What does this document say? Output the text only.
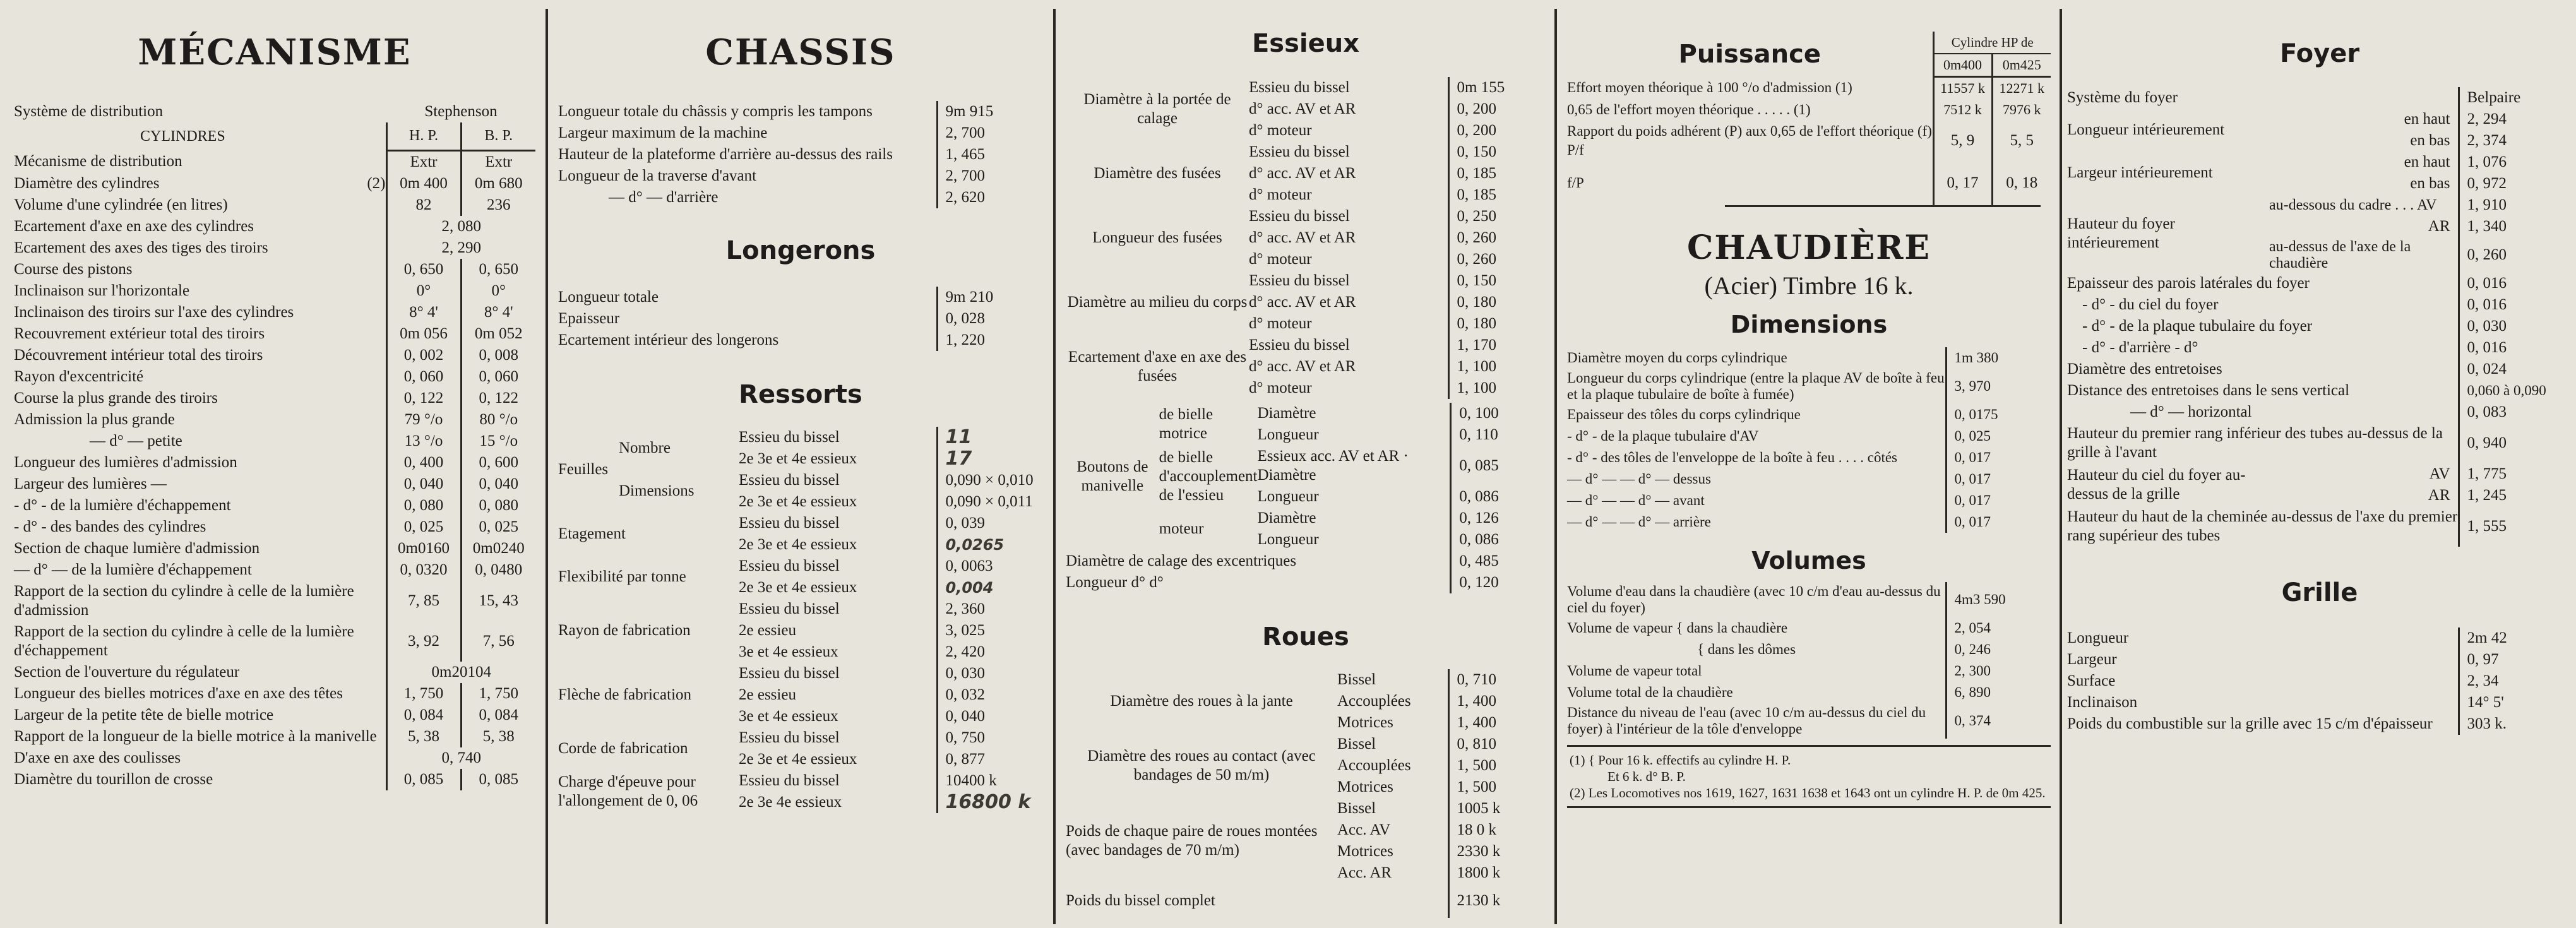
MÉCANISME
Système de distribution	Stephenson	
CYLINDRES	H. P.	B. P.
Mécanisme de distribution	Extr	Extr
Diamètre des cylindres (2)	0m 400	0m 680
Volume d'une cylindrée (en litres)	82	236
Ecartement d'axe en axe des cylindres	2, 080	
Ecartement des axes des tiges des tiroirs	2, 290	
Course des pistons	0, 650	0, 650
Inclinaison sur l'horizontale	0°	0°
Inclinaison des tiroirs sur l'axe des cylindres	8° 4'	8° 4'
Recouvrement extérieur total des tiroirs	0m 056	0m 052
Découvrement intérieur total des tiroirs	0, 002	0, 008
Rayon d'excentricité	0, 060	0, 060
Course la plus grande des tiroirs	0, 122	0, 122
Admission la plus grande	79 °/o	80 °/o
— d° — petite	13 °/o	15 °/o
Longueur des lumières d'admission	0, 400	0, 600
Largeur des lumières —	0, 040	0, 040
- d° - de la lumière d'échappement	0, 080	0, 080
- d° - des bandes des cylindres	0, 025	0, 025
Section de chaque lumière d'admission	0m0160	0m0240
— d° — de la lumière d'échappement	0, 0320	0, 0480
Rapport de la section du cylindre à celle de la lumière d'admission	7, 85	15, 43
Rapport de la section du cylindre à celle de la lumière d'échappement	3, 92	7, 56
Section de l'ouverture du régulateur	0m20104	
Longueur des bielles motrices d'axe en axe des têtes	1, 750	1, 750
Largeur de la petite tête de bielle motrice	0, 084	0, 084
Rapport de la longueur de la bielle motrice à la manivelle	5, 38	5, 38
D'axe en axe des coulisses	0, 740	
Diamètre du tourillon de crosse	0, 085	0, 085
CHASSIS
Longueur totale du châssis y compris les tampons	9m 915
Largeur maximum de la machine	2, 700
Hauteur de la plateforme d'arrière au-dessus des rails	1, 465
Longueur de la traverse d'avant	2, 700
— d° — d'arrière	2, 620
Longerons
Longueur totale	9m 210
Epaisseur	0, 028
Ecartement intérieur des longerons	1, 220
Ressorts
Feuilles	Nombre	Essieu du bissel	11
		2e 3e et 4e essieux	17
	Dimensions	Essieu du bissel	0,090 × 0,010
		2e 3e et 4e essieux	0,090 × 0,011
Etagement		Essieu du bissel	0, 039
		2e 3e et 4e essieux	0,0265
Flexibilité par tonne		Essieu du bissel	0, 0063
		2e 3e et 4e essieux	0,004
Rayon de fabrication		Essieu du bissel	2, 360
		2e essieu	3, 025
		3e et 4e essieux	2, 420
Flèche de fabrication		Essieu du bissel	0, 030
		2e essieu	0, 032
		3e et 4e essieux	0, 040
Corde de fabrication		Essieu du bissel	0, 750
		2e 3e et 4e essieux	0, 877
Charge d'épeuve pour l'allongement de 0, 06		Essieu du bissel	10400 k
		2e 3e 4e essieux	16800 k
Essieux
Diamètre à la portée de calage	Essieu du bissel	0m 155
	d° acc. AV et AR	0, 200
	d° moteur	0, 200
Diamètre des fusées	Essieu du bissel	0, 150
	d° acc. AV et AR	0, 185
	d° moteur	0, 185
Longueur des fusées	Essieu du bissel	0, 250
	d° acc. AV et AR	0, 260
	d° moteur	0, 260
Diamètre au milieu du corps	Essieu du bissel	0, 150
	d° acc. AV et AR	0, 180
	d° moteur	0, 180
Ecartement d'axe en axe des fusées	Essieu du bissel	1, 170
	d° acc. AV et AR	1, 100
	d° moteur	1, 100
Boutons de manivelle	de bielle motrice	Diamètre	0, 100
		Longueur	0, 110
	de bielle d'accouplement de l'essieu	Essieux acc. AV et AR · Diamètre	0, 085
		Longueur	0, 086
	moteur	Diamètre	0, 126
		Longueur	0, 086
Diamètre de calage des excentriques			0, 485
Longueur d° d°			0, 120
Roues
Diamètre des roues à la jante	Bissel	0, 710
	Accouplées	1, 400
	Motrices	1, 400
Diamètre des roues au contact (avec bandages de 50 m/m)	Bissel	0, 810
	Accouplées	1, 500
	Motrices	1, 500
Poids de chaque paire de roues montées (avec bandages de 70 m/m)	Bissel	1005 k
	Acc. AV	18 0 k
	Motrices	2330 k
	Acc. AR	1800 k
Poids du bissel complet		2130 k
Puissance	Cylindre HP de	
	0m400	0m425
Effort moyen théorique à 100 °/o d'admission (1)	11557 k	12271 k
0,65 de l'effort moyen théorique . . . . . (1)	7512 k	7976 k
Rapport du poids adhérent (P) aux 0,65 de l'effort théorique (f) P/f	5, 9	5, 5
f/P	0, 17	0, 18
CHAUDIÈRE
(Acier) Timbre 16 k.
Dimensions
Diamètre moyen du corps cylindrique	1m 380
Longueur du corps cylindrique (entre la plaque AV de boîte à feu et la plaque tubulaire de boîte à fumée)	3, 970
Epaisseur des tôles du corps cylindrique	0, 0175
- d° - de la plaque tubulaire d'AV	0, 025
- d° - des tôles de l'enveloppe de la boîte à feu . . . . côtés	0, 017
— d° — — d° — dessus	0, 017
— d° — — d° — avant	0, 017
— d° — — d° — arrière	0, 017
Volumes
Volume d'eau dans la chaudière (avec 10 c/m d'eau au-dessus du ciel du foyer)	4m3 590
Volume de vapeur { dans la chaudière	2, 054
{ dans les dômes	0, 246
Volume de vapeur total	2, 300
Volume total de la chaudière	6, 890
Distance du niveau de l'eau (avec 10 c/m au-dessus du ciel du foyer) à l'intérieur de la tôle d'enveloppe	0, 374
(1) { Pour 16 k. effectifs au cylindre H. P.
Et 6 k. d° B. P.
(2) Les Locomotives nos 1619, 1627, 1631 1638 et 1643 ont un cylindre H. P. de 0m 425.
Foyer
Système du foyer		Belpaire
Longueur intérieurement	en haut	2, 294
	en bas	2, 374
Largeur intérieurement	en haut	1, 076
	en bas	0, 972
Hauteur du foyer intérieurement	au-dessous du cadre . . . AV	1, 910
	AR	1, 340
	au-dessus de l'axe de la chaudière	0, 260
Epaisseur des parois latérales du foyer		0, 016
- d° - du ciel du foyer		0, 016
- d° - de la plaque tubulaire du foyer		0, 030
- d° - d'arrière - d°		0, 016
Diamètre des entretoises		0, 024
Distance des entretoises dans le sens vertical		0,060 à 0,090
— d° — horizontal		0, 083
Hauteur du premier rang inférieur des tubes au-dessus de la grille à l'avant		0, 940
Hauteur du ciel du foyer au-dessus de la grille	AV	1, 775
	AR	1, 245
Hauteur du haut de la cheminée au-dessus de l'axe du premier rang supérieur des tubes		1, 555
Grille
Longueur	2m 42
Largeur	0, 97
Surface	2, 34
Inclinaison	14° 5'
Poids du combustible sur la grille avec 15 c/m d'épaisseur	303 k.
